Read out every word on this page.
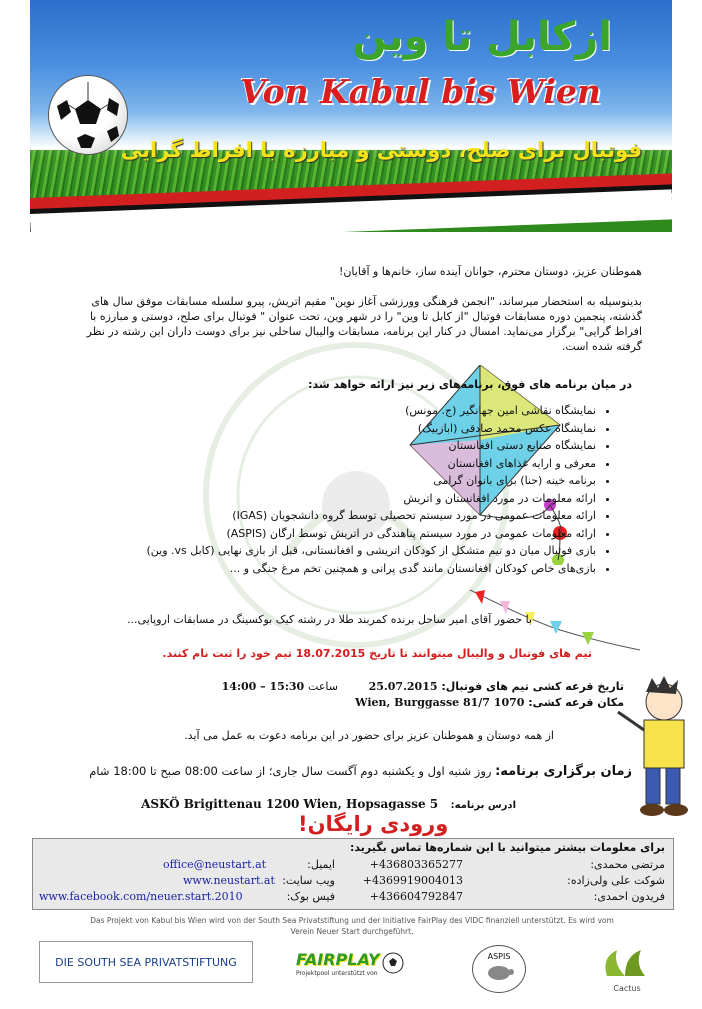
ازکابل تا وین
Von Kabul bis Wien
فوتبال برای صلح، دوستی و مبارزه با افراط گرایی
هموطنان عزیز، دوستان محترم، جوانان آینده ساز، خانم‌ها و آقایان!
بدینوسیله به استحضار میرساند، "انجمن فرهنگی وورزشی آغاز نوین" مقیم اتریش، پیرو سلسله مسابقات موفق سال های گذشته، پنجمین دوره مسابقات فوتبال "از کابل تا وین" را در شهر وین، تحت عنوان " فوتبال برای صلح، دوستی و مبارزه با افراط گرایی" برگزار می‌نماید. امسال در کنار این برنامه، مسابقات والیبال ساحلی نیز برای دوست داران این رشته در نظر گرفته شده است.
در میان برنامه های فوق، برنامه‌های زیر نیز ارائه خواهد شد:
• نمایشگاه نقاشی امین جهانگیر (ج. مونس)
• نمایشگاه عکس محمد صادقی (ابازبیگ)
• نمایشگاه صنایع دستی افغانستان
• معرفی و ارایه غذاهای افغانستان
• برنامه خینه (حنا) برای بانوان گرامی
• ارائه معلومات در مورد افغانستان و اتریش
• ارائه معلومات عمومی در مورد سیستم تحصیلی توسط گروه دانشجویان (IGAS)
• ارائه معلومات عمومی در مورد سیستم پناهندگی در اتریش توسط ارگان (ASPIS)
• بازی فوتبال میان دو تیم متشکل از کودکان اتریشی و افغانستانی، قبل از بازی نهایی (کابل vs. وین)
• بازی‌های خاص کودکان افغانستان مانند گدی پرانی و همچنین تخم مرغ جنگی و ...
با حضور آقای امیر ساحل برنده کمربند طلا در رشته کیک بوکسینگ در مسابقات اروپایی...
تیم های فوتبال و والیبال میتوانند تا تاریخ 18.07.2015 تیم خود را ثبت نام کنند.
تاریخ قرعه کشی تیم های فوتبال: 25.07.2015        ساعت 15:30 – 14:00
مکان قرعه کشی: 1070 Wien, Burggasse 81/7
از همه دوستان و هموطنان عزیز برای حضور در این برنامه دعوت به عمل می آید.
زمان برگزاری برنامه: روز شنبه اول و یکشنبه دوم آگست سال جاری؛ از ساعت 08:00 صبح تا 18:00 شام
ادرس برنامه:   ASKÖ Brigittenau 1200 Wien, Hopsagasse 5
ورودی رایگان!
برای معلومات بیشتر میتوانید با این شماره‌ها تماس بگیرید:
مرتضی محمدی:
+436803365277
ایمیل:
office@neustart.at
شوکت علی ولی‌زاده:
+4369919004013
ویب سایت:
www.neustart.at
فریدون احمدی:
+436604792847
فیس بوک:
www.facebook.com/neuer.start.2010
Das Projekt von Kabul bis Wien wird von der South Sea Privatstiftung und der Initiative FairPlay des VIDC finanziell unterstützt. Es wird vom Verein Neuer Start durchgeführt.
DIE SOUTH SEA PRIVATSTIFTUNG	FAIRPLAY
Projektpool unterstützt von
ASPIS
Cactus
